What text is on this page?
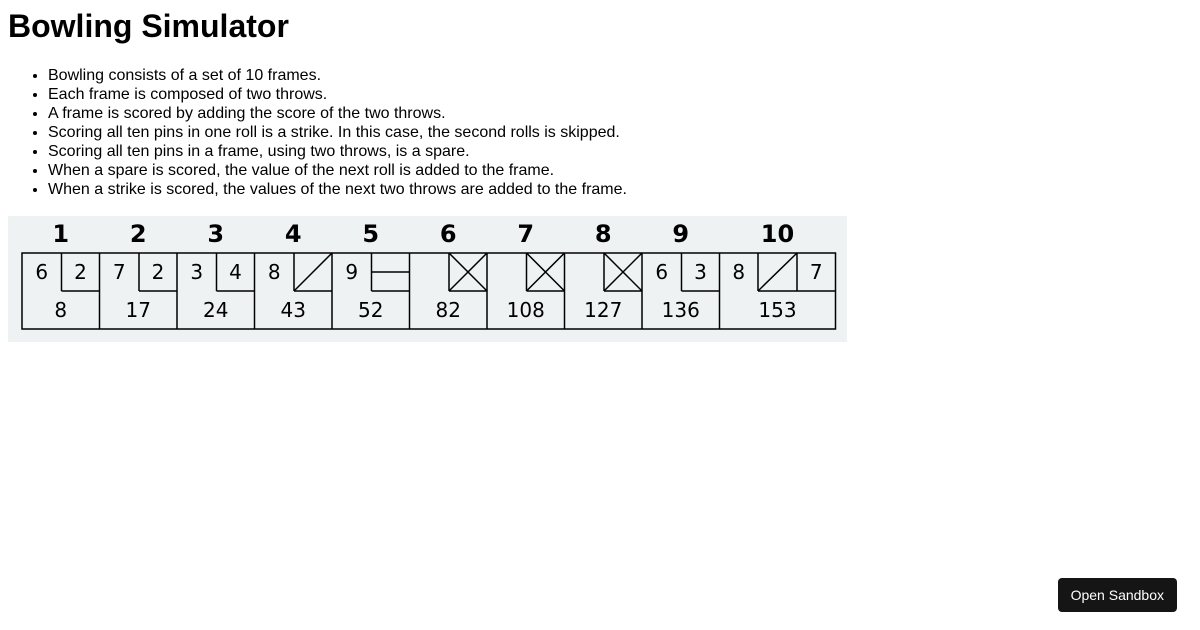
Bowling Simulator
• Bowling consists of a set of 10 frames.
• Each frame is composed of two throws.
• A frame is scored by adding the score of the two throws.
• Scoring all ten pins in one roll is a strike. In this case, the second rolls is skipped.
• Scoring all ten pins in a frame, using two throws, is a spare.
• When a spare is scored, the value of the next roll is added to the frame.
• When a strike is scored, the values of the next two throws are added to the frame.
1
8
6 2
2
17
7 2
3
24
3 4
4
43
8
5
52
9
6
82
7
108
8
127
9
136
6 3
10
153
8	7
Open Sandbox
